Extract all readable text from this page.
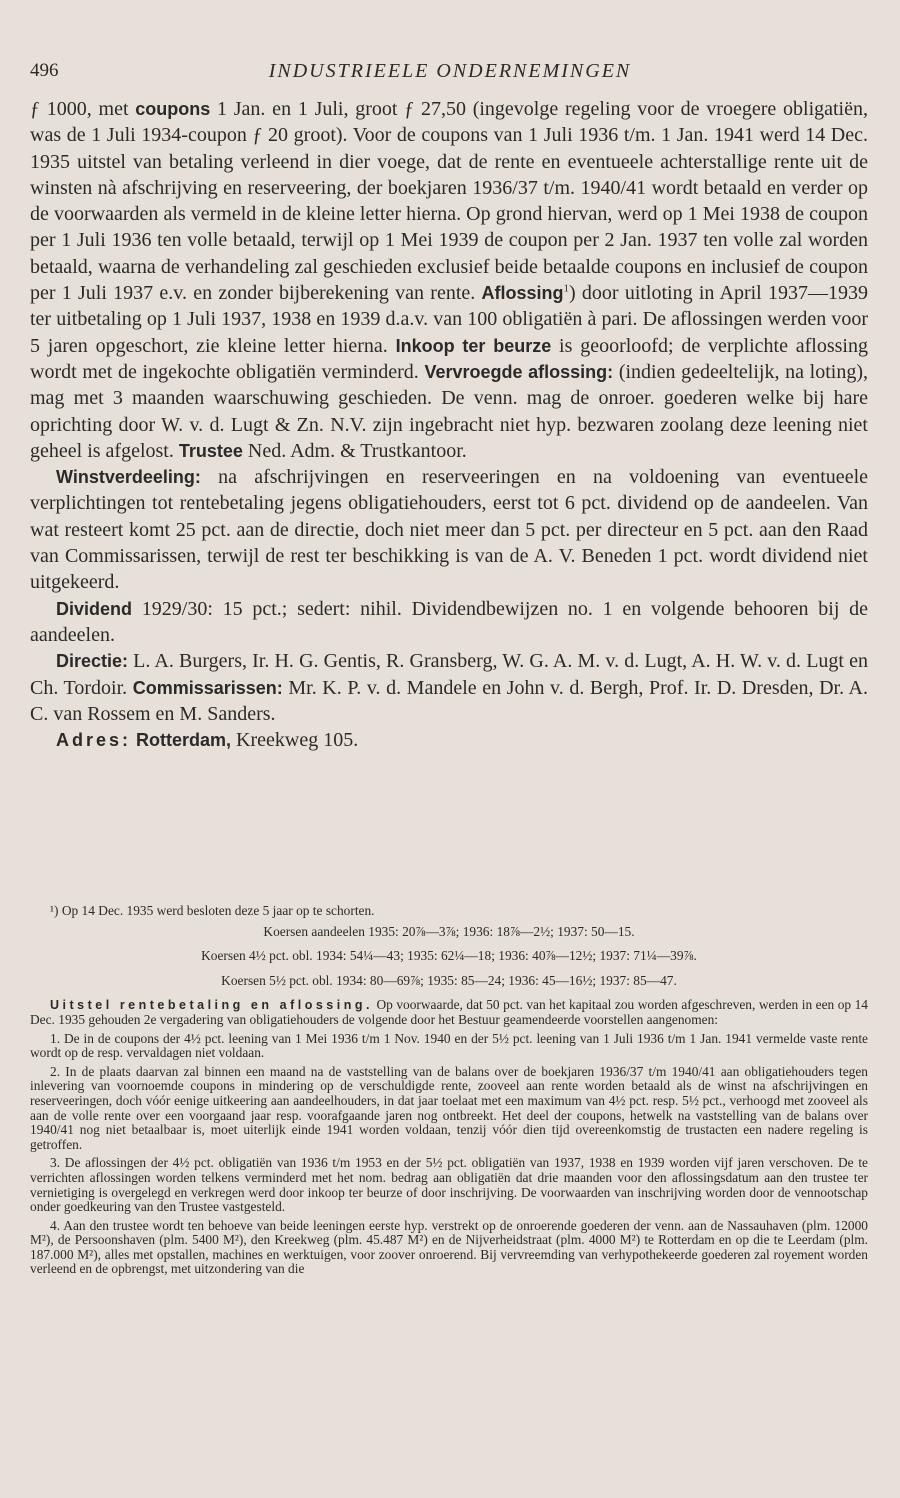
496	INDUSTRIEELE ONDERNEMINGEN

ƒ 1000, met coupons 1 Jan. en 1 Juli, groot ƒ 27,50 (ingevolge regeling voor de vroegere obligatiën, was de 1 Juli 1934-coupon ƒ 20 groot). Voor de coupons van 1 Juli 1936 t/m. 1 Jan. 1941 werd 14 Dec. 1935 uitstel van betaling verleend in dier voege, dat de rente en eventueele achterstallige rente uit de winsten nà afschrijving en reserveering, der boekjaren 1936/37 t/m. 1940/41 wordt betaald en verder op de voorwaarden als vermeld in de kleine letter hierna. Op grond hiervan, werd op 1 Mei 1938 de coupon per 1 Juli 1936 ten volle betaald, terwijl op 1 Mei 1939 de coupon per 2 Jan. 1937 ten volle zal worden betaald, waarna de verhandeling zal geschieden exclusief beide betaalde coupons en inclusief de coupon per 1 Juli 1937 e.v. en zonder bijberekening van rente. Aflossing$^1$) door uitloting in April 1937—1939 ter uitbetaling op 1 Juli 1937, 1938 en 1939 d.a.v. van 100 obligatiën à pari. De aflossingen werden voor 5 jaren opgeschort, zie kleine letter hierna. Inkoop ter beurze is geoorloofd; de verplichte aflossing wordt met de ingekochte obligatiën verminderd. Vervroegde aflossing: (indien gedeeltelijk, na loting), mag met 3 maanden waarschuwing geschieden. De venn. mag de onroer. goederen welke bij hare oprichting door W. v. d. Lugt & Zn. N.V. zijn ingebracht niet hyp. bezwaren zoolang deze leening niet geheel is afgelost. Trustee Ned. Adm. & Trustkantoor.

Winstverdeeling: na afschrijvingen en reserveeringen en na voldoening van eventueele verplichtingen tot rentebetaling jegens obligatiehouders, eerst tot 6 pct. dividend op de aandeelen. Van wat resteert komt 25 pct. aan de directie, doch niet meer dan 5 pct. per directeur en 5 pct. aan den Raad van Commissarissen, terwijl de rest ter beschikking is van de A. V. Beneden 1 pct. wordt dividend niet uitgekeerd.

Dividend 1929/30: 15 pct.; sedert: nihil. Dividendbewijzen no. 1 en volgende behooren bij de aandeelen.

Directie: L. A. Burgers, Ir. H. G. Gentis, R. Gransberg, W. G. A. M. v. d. Lugt, A. H. W. v. d. Lugt en Ch. Tordoir. Commissarissen: Mr. K. P. v. d. Mandele en John v. d. Bergh, Prof. Ir. D. Dresden, Dr. A. C. van Rossem en M. Sanders.

Adres: Rotterdam, Kreekweg 105.

¹) Op 14 Dec. 1935 werd besloten deze 5 jaar op te schorten.

Koersen aandeelen 1935: 20⅞—3⅞; 1936: 18⅞—2½; 1937: 50—15.

Koersen 4½ pct. obl. 1934: 54¼—43; 1935: 62¼—18; 1936: 40⅞—12½; 1937: 71¼—39⅞.

Koersen 5½ pct. obl. 1934: 80—69⅞; 1935: 85—24; 1936: 45—16½; 1937: 85—47.

Uitstel rentebetaling en aflossing. Op voorwaarde, dat 50 pct. van het kapitaal zou worden afgeschreven, werden in een op 14 Dec. 1935 gehouden 2e vergadering van obligatiehouders de volgende door het Bestuur geamendeerde voorstellen aangenomen:

1. De in de coupons der 4½ pct. leening van 1 Mei 1936 t/m 1 Nov. 1940 en der 5½ pct. leening van 1 Juli 1936 t/m 1 Jan. 1941 vermelde vaste rente wordt op de resp. vervaldagen niet voldaan.

2. In de plaats daarvan zal binnen een maand na de vaststelling van de balans over de boekjaren 1936/37 t/m 1940/41 aan obligatiehouders tegen inlevering van voornoemde coupons in mindering op de verschuldigde rente, zooveel aan rente worden betaald als de winst na afschrijvingen en reserveeringen, doch vóór eenige uitkeering aan aandeelhouders, in dat jaar toelaat met een maximum van 4½ pct. resp. 5½ pct., verhoogd met zooveel als aan de volle rente over een voorgaand jaar resp. voorafgaande jaren nog ontbreekt. Het deel der coupons, hetwelk na vaststelling van de balans over 1940/41 nog niet betaalbaar is, moet uiterlijk einde 1941 worden voldaan, tenzij vóór dien tijd overeenkomstig de trustacten een nadere regeling is getroffen.

3. De aflossingen der 4½ pct. obligatiën van 1936 t/m 1953 en der 5½ pct. obligatiën van 1937, 1938 en 1939 worden vijf jaren verschoven. De te verrichten aflossingen worden telkens verminderd met het nom. bedrag aan obligatiën dat drie maanden voor den aflossingsdatum aan den trustee ter vernietiging is overgelegd en verkregen werd door inkoop ter beurze of door inschrijving. De voorwaarden van inschrijving worden door de vennootschap onder goedkeuring van den Trustee vastgesteld.

4. Aan den trustee wordt ten behoeve van beide leeningen eerste hyp. verstrekt op de onroerende goederen der venn. aan de Nassauhaven (plm. 12000 M²), de Persoonshaven (plm. 5400 M²), den Kreekweg (plm. 45.487 M²) en de Nijverheidstraat (plm. 4000 M²) te Rotterdam en op die te Leerdam (plm. 187.000 M²), alles met opstallen, machines en werktuigen, voor zoover onroerend. Bij vervreemding van verhypothekeerde goederen zal royement worden verleend en de opbrengst, met uitzondering van die
